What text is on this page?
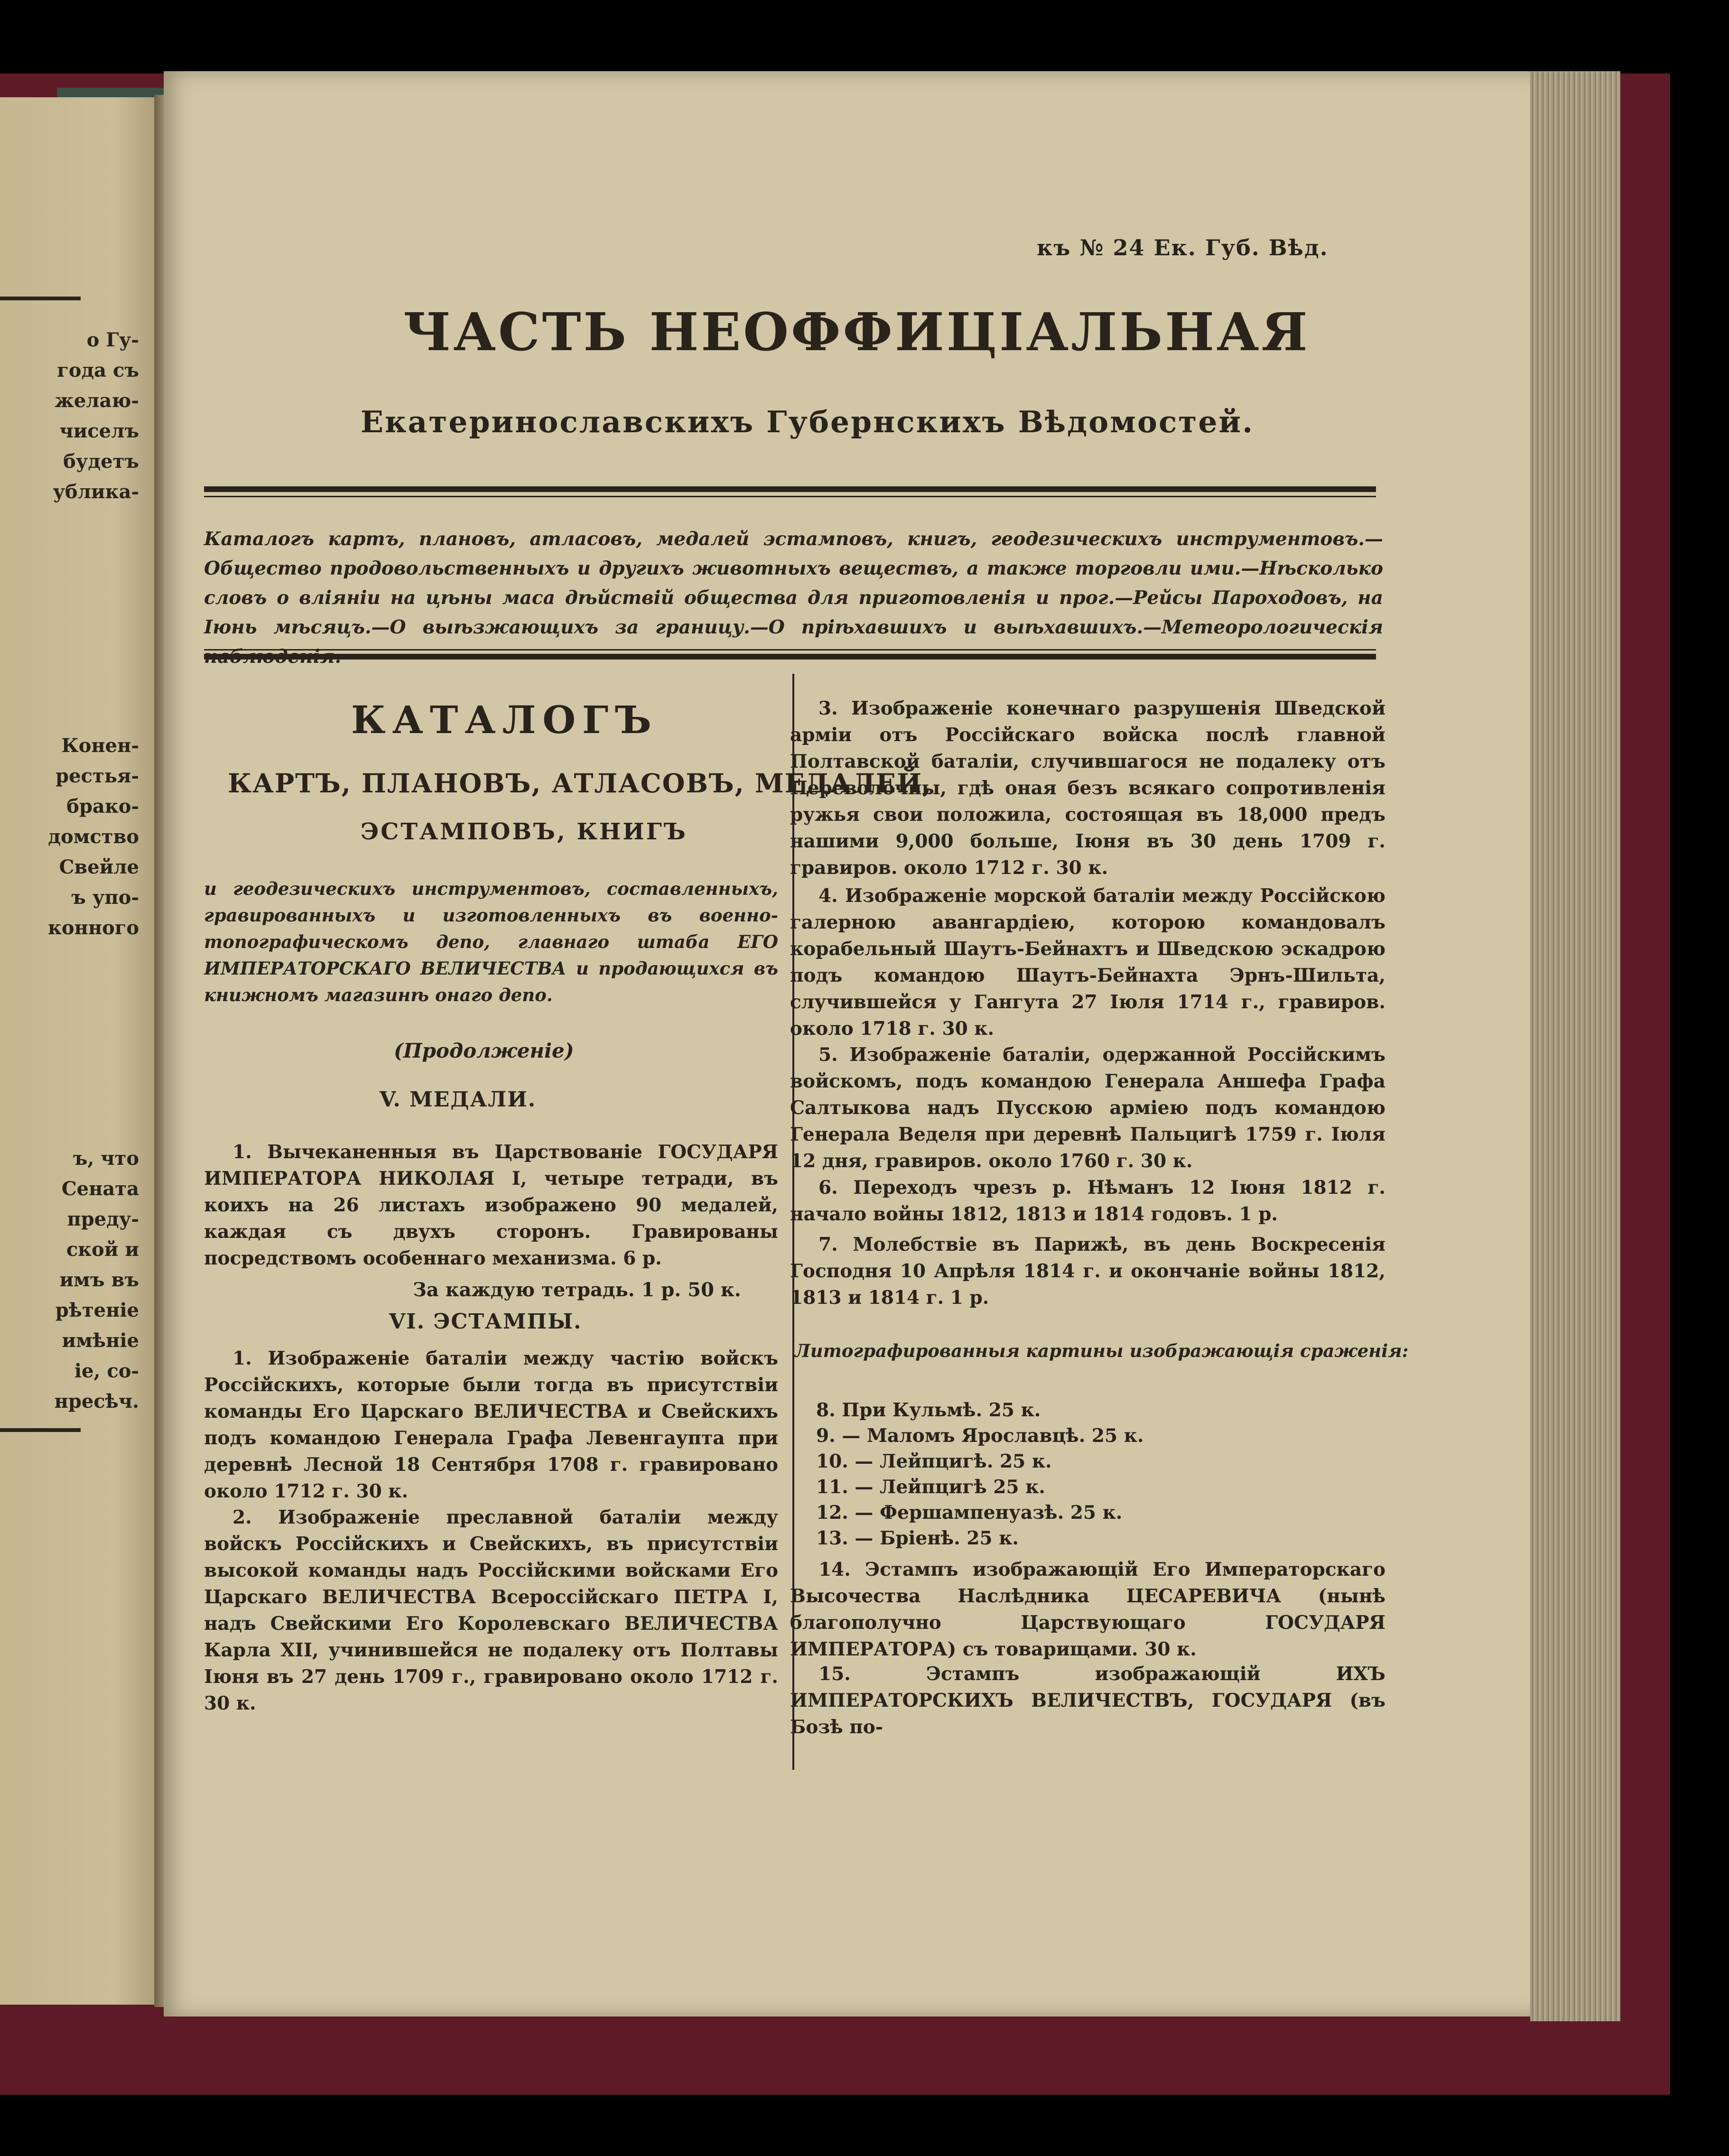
о Гу-

года съ

желаю-

чиселъ

будетъ

ублика-

Конен-

рестья-

брако-

домство

Свейле

ъ упо-

конного

ъ, что

Сената

преду-

ской и

имъ въ

рѣтенiе

имѣнiе

iе, со-

нресѣч.

къ № 24 Ек. Губ. Вѣд.

ЧАСТЬ НЕОФФИЦIАЛЬНАЯ
Екатеринославскихъ Губернскихъ Вѣдомостей.

Каталогъ картъ, плановъ, атласовъ, медалей эстамповъ, книгъ, геодезическихъ инструментовъ.—Общество продовольственныхъ и другихъ животныхъ веществъ, а также торговли ими.—Нѣсколько словъ о влiянiи на цѣны маса дѣйствiй общества для приготовленiя и прог.—Рейсы Пароходовъ, на Iюнь мѣсяцъ.—О выѣзжающихъ за границу.—О прiѣхавшихъ и выѣхавшихъ.—Метеорологическiя

КАТАЛОГЪ

КАРТЪ, ПЛАНОВЪ, АТЛАСОВЪ, МЕДАЛЕЙ,

ЭСТАМПОВЪ, КНИГЪ

и геодезическихъ инструментовъ, составленныхъ, гравированныхъ и изготовленныхъ въ военно-топографическомъ депо, главнаго штаба ЕГО ИМПЕРАТОРСКАГО ВЕЛИЧЕСТВА и продающихся въ книжномъ магазинѣ онаго депо.

(Продолженiе)

V. МЕДАЛИ.

1. Вычеканенныя въ Царствованiе ГОСУДАРЯ ИМПЕРАТОРА НИКОЛАЯ I, четыре тетради, въ коихъ на 26 листахъ изображено 90 медалей, каждая съ двухъ сторонъ. Гравированы посредствомъ особеннаго механизма. 6 р.

За каждую тетрадь. 1 р. 50 к.

VI. ЭСТАМПЫ.

1. Изображенiе баталiи между частiю войскъ Россiйскихъ, которые были тогда въ присутствiи команды Его Царскаго ВЕЛИЧЕСТВА и Свейскихъ подъ командою Генерала Графа Левенгаупта при деревнѣ Лесной 18 Сентября 1708 г. гравировано около 1712 г. 30 к.

2. Изображенiе преславной баталiи между войскъ Россiйскихъ и Свейскихъ, въ присутствiи высокой команды надъ Россiйскими войсками Его Царскаго ВЕЛИЧЕСТВА Всероссiйскаго ПЕТРА I, надъ Свейскими Его Королевскаго ВЕЛИЧЕСТВА Карла XII, учинившейся не подалеку отъ Полтавы Iюня въ 27 день 1709 г., гравировано около 1712 г. 30 к.

3. Изображенiе конечнаго разрушенiя Шведской армiи отъ Россiйскаго войска послѣ главной Полтавской баталiи, случившагося не подалеку отъ Переволочны, гдѣ оная безъ всякаго сопротивленiя ружья свои положила, состоящая въ 18,000 предъ нашими 9,000 больше, Iюня въ 30 день 1709 г. гравиров. около 1712 г. 30 к.

4. Изображенiе морской баталiи между Россiйскою галерною авангардiею, которою командовалъ корабельный Шаутъ-Бейнахтъ и Шведскою эскадрою подъ командою Шаутъ-Бейнахта Эрнъ-Шильта, случившейся у Гангута 27 Iюля 1714 г., гравиров. около 1718 г. 30 к.

5. Изображенiе баталiи, одержанной Россiйскимъ войскомъ, подъ командою Генерала Аншефа Графа Салтыкова надъ Пусскою армiею подъ командою Генерала Веделя при деревнѣ Пальцигѣ 1759 г. Iюля 12 дня, гравиров. около 1760 г. 30 к.

6. Переходъ чрезъ р. Нѣманъ 12 Iюня 1812 г. начало войны 1812, 1813 и 1814 годовъ. 1 р.

7. Молебствiе въ Парижѣ, въ день Воскресенiя Господня 10 Апрѣля 1814 г. и окончанiе войны 1812, 1813 и 1814 г. 1 р.

Литографированныя картины изображающiя сраженiя:

8. При Кульмѣ. 25 к.

9. — Маломъ Ярославцѣ. 25 к.

10. — Лейпцигѣ. 25 к.

11. — Лейпцигѣ 25 к.

12. — Фершампенуазѣ. 25 к.

13. — Брiенѣ. 25 к.

14. Эстампъ изображающiй Его Императорскаго Высочества Наслѣдника ЦЕСАРЕВИЧА (нынѣ благополучно Царствующаго ГОСУДАРЯ ИМПЕРАТОРА) съ товарищами. 30 к.

15. Эстампъ изображающiй ИХЪ ИМПЕРАТОРСКИХЪ ВЕЛИЧЕСТВЪ, ГОСУДАРЯ (въ Бозѣ по-
